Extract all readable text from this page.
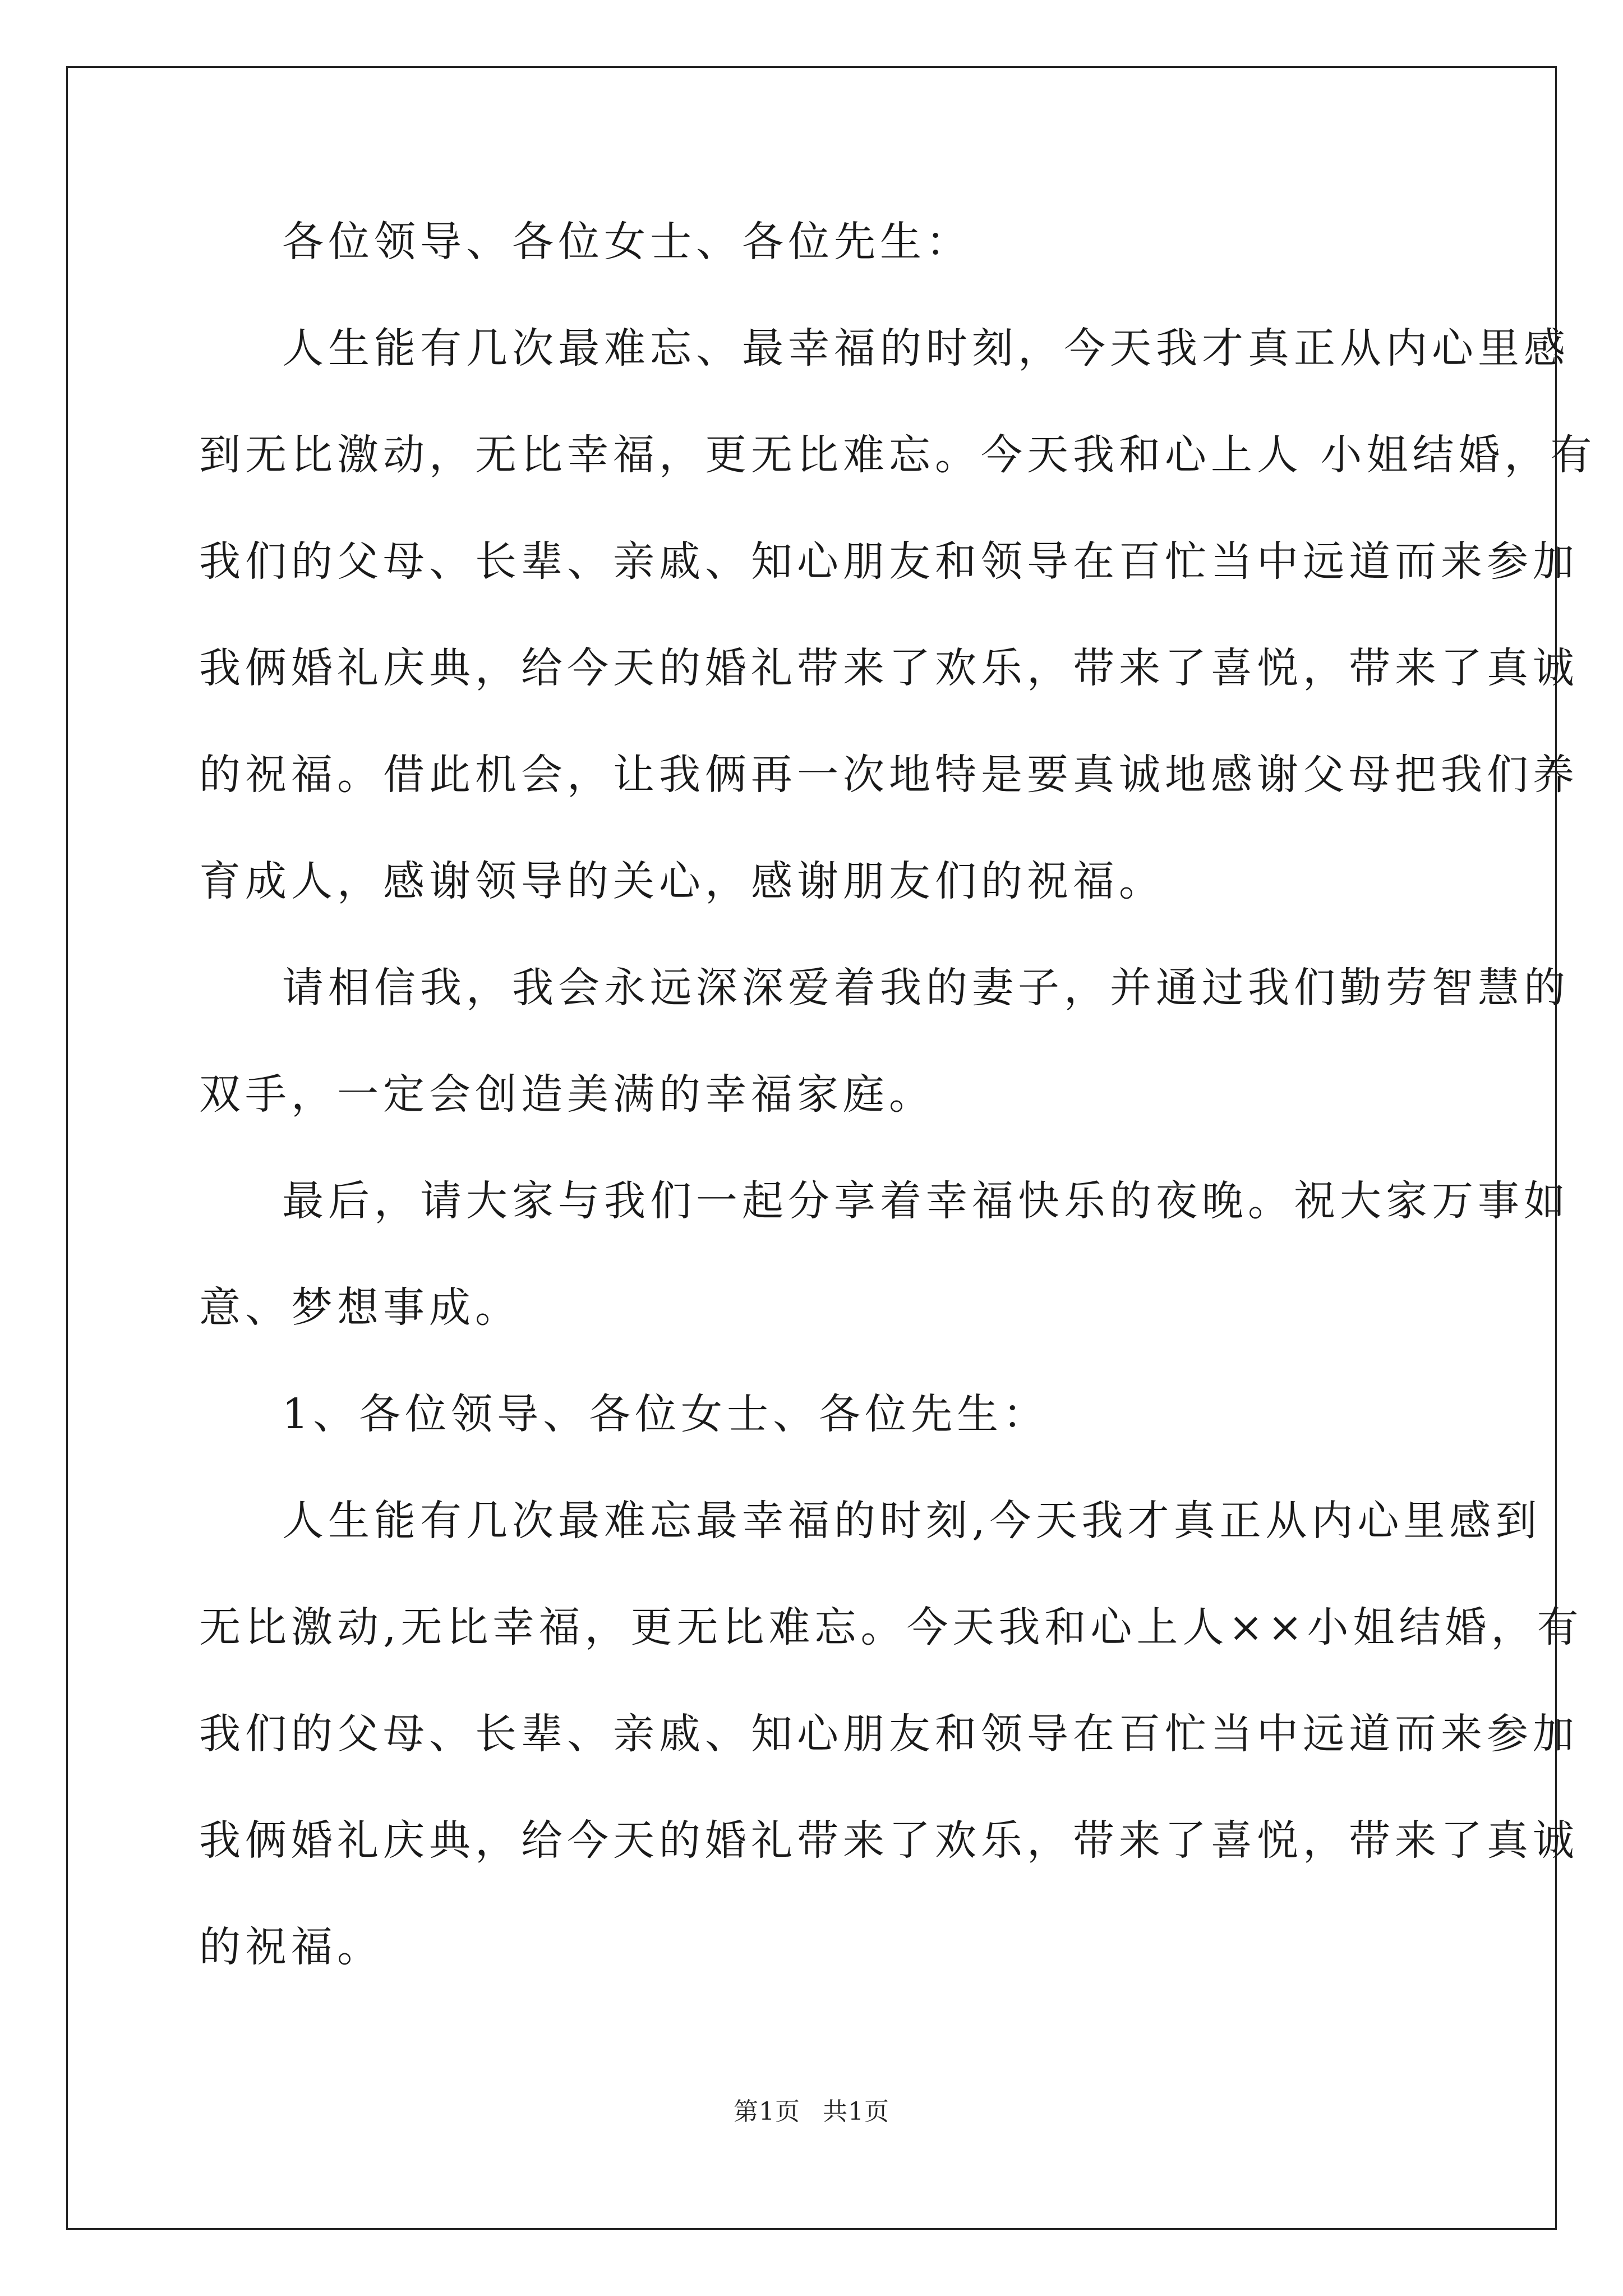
各位领导、各位女士、各位先生：
人生能有几次最难忘、最幸福的时刻，今天我才真正从内心里感
到无比激动，无比幸福，更无比难忘。今天我和心上人 小姐结婚，有
我们的父母、长辈、亲戚、知心朋友和领导在百忙当中远道而来参加
我俩婚礼庆典，给今天的婚礼带来了欢乐，带来了喜悦，带来了真诚
的祝福。借此机会，让我俩再一次地特是要真诚地感谢父母把我们养
育成人，感谢领导的关心，感谢朋友们的祝福。
请相信我，我会永远深深爱着我的妻子，并通过我们勤劳智慧的
双手，一定会创造美满的幸福家庭。
最后，请大家与我们一起分享着幸福快乐的夜晚。祝大家万事如
意、梦想事成。
1、各位领导、各位女士、各位先生：
人生能有几次最难忘最幸福的时刻,今天我才真正从内心里感到
无比激动,无比幸福，更无比难忘。今天我和心上人××小姐结婚，有
我们的父母、长辈、亲戚、知心朋友和领导在百忙当中远道而来参加
我俩婚礼庆典，给今天的婚礼带来了欢乐，带来了喜悦，带来了真诚
的祝福。
第1页 共1页
